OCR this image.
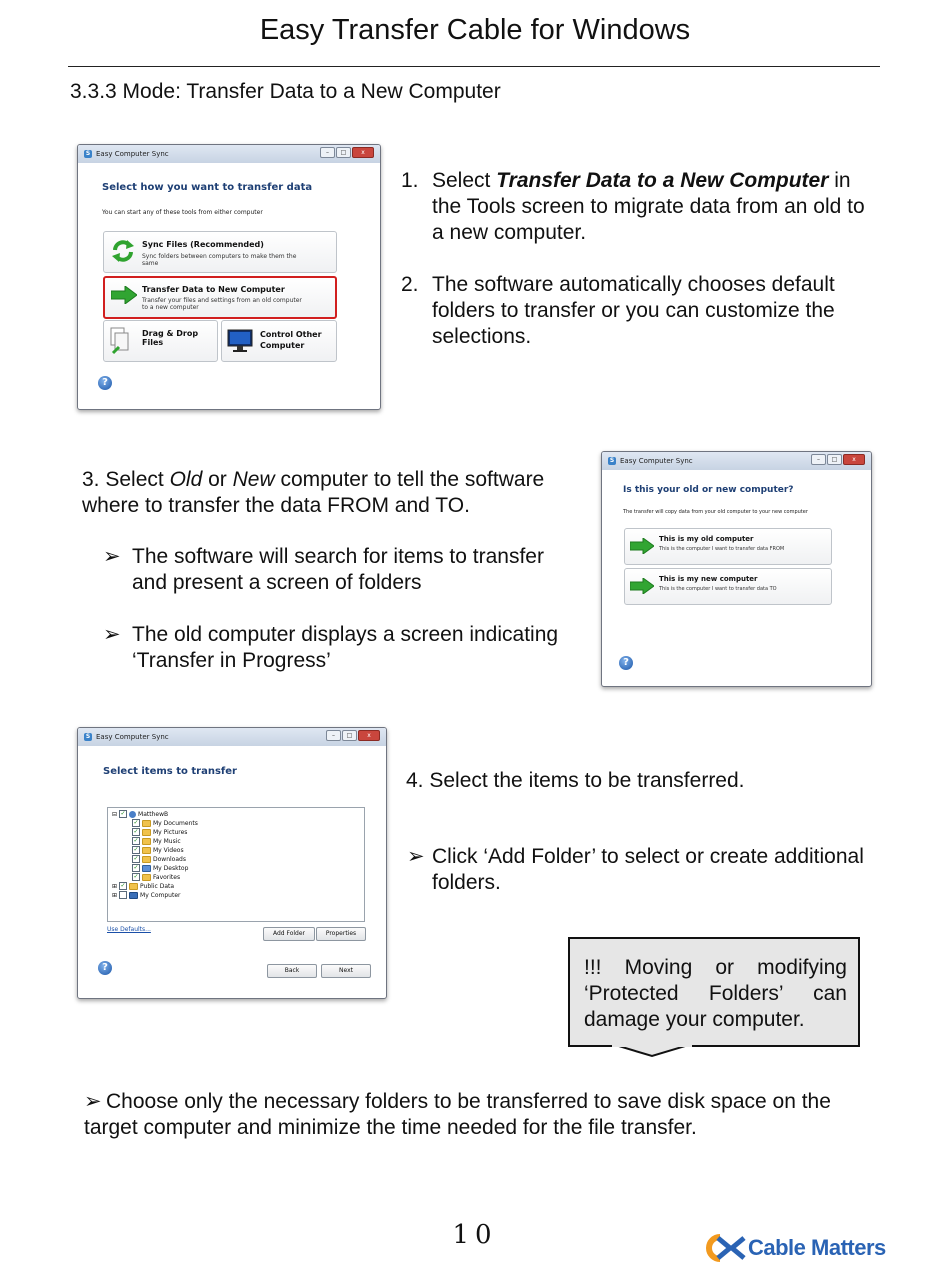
Easy Transfer Cable for Windows
3.3.3 Mode: Transfer Data to a New Computer
S Easy Computer Sync	–	□	x
Select how you want to transfer data
You can start any of these tools from either computer
Sync Files (Recommended)
Sync folders between computers to make them the same
Transfer Data to New Computer
Transfer your files and settings from an old computer to a new computer
Drag & Drop Files
Control Other Computer
?
1. Select Transfer Data to a New Computer in the Tools screen to migrate data from an old to a new computer.
2. The software automatically chooses default folders to transfer or you can customize the selections.
3. Select Old or New computer to tell the software where to transfer the data FROM and TO.
➢ The software will search for items to transfer and present a screen of folders
➢ The old computer displays a screen indicating ‘Transfer in Progress’
S Easy Computer Sync	–	□	x
Is this your old or new computer?
The transfer will copy data from your old computer to your new computer
This is my old computer
This is the computer I want to transfer data FROM
This is my new computer
This is the computer I want to transfer data TO
?
S Easy Computer Sync	–	□	x
Select items to transfer
⊟ ✓ MatthewB
✓ My Documents
✓ My Pictures
✓ My Music
✓ My Videos
✓ Downloads
✓ My Desktop
✓ Favorites
⊞ ✓ Public Data
⊞	My Computer
Use Defaults...
Add Folder	Properties
?	Back	Next
4. Select the items to be transferred.
➢ Click ‘Add Folder’ to select or create additional folders.
!!! Moving or modifying ‘Protected Folders’ can damage your computer.
➢ Choose only the necessary folders to be transferred to save disk space on the target computer and minimize the time needed for the file transfer.
10	Cable Matters
